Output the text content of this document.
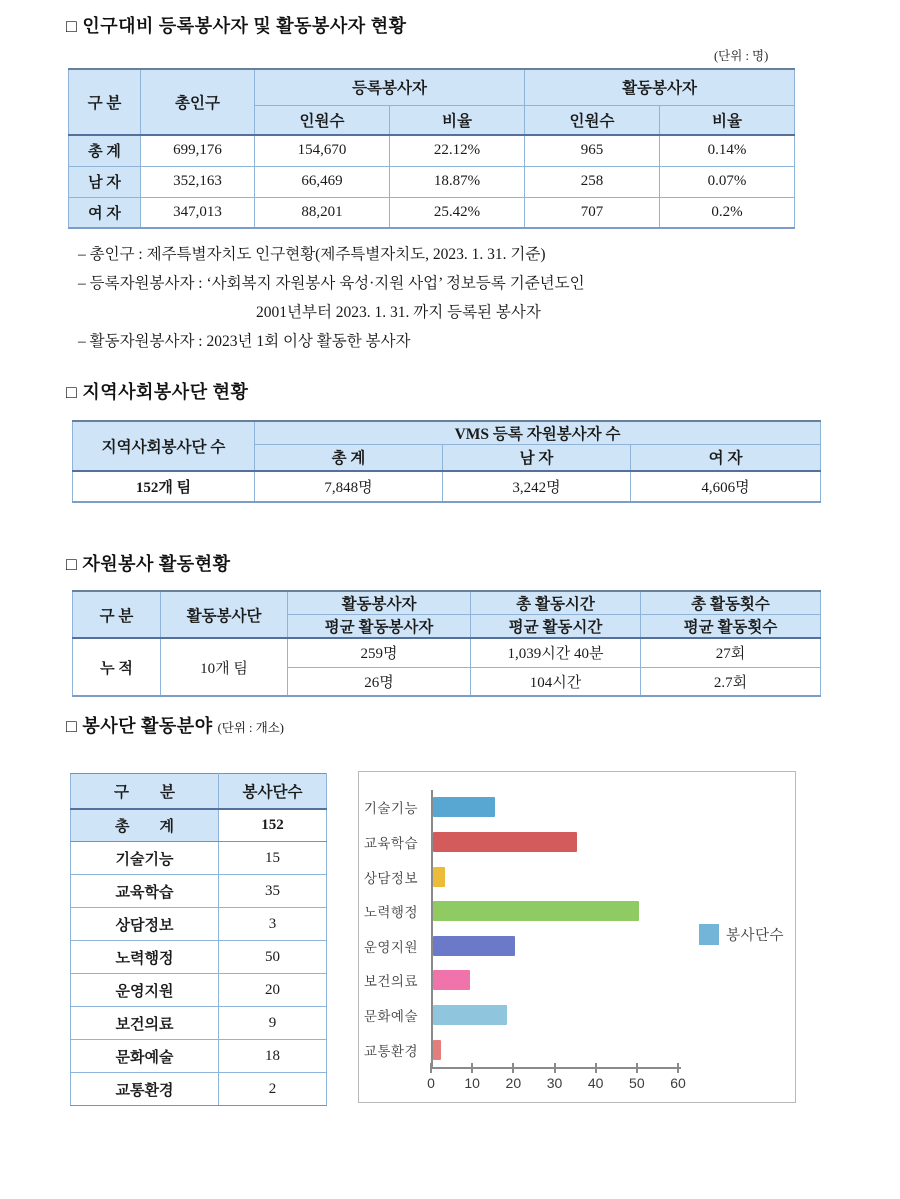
□ 인구대비 등록봉사자 및 활동봉사자 현황
(단위 : 명)
구 분	총인구	등록봉사자		활동봉사자	
		인원수	비율	인원수	비율
총 계	699,176	154,670	22.12%	965	0.14%
남 자	352,163	66,469	18.87%	258	0.07%
여 자	347,013	88,201	25.42%	707	0.2%
– 총인구 : 제주특별자치도 인구현황(제주특별자치도, 2023. 1. 31. 기준)
– 등록자원봉사자 : ‘사회복지 자원봉사 육성·지원 사업’ 정보등록 기준년도인
2001년부터 2023. 1. 31. 까지 등록된 봉사자
– 활동자원봉사자 : 2023년 1회 이상 활동한 봉사자
□ 지역사회봉사단 현황
지역사회봉사단 수	VMS 등록 자원봉사자 수		
	총 계	남 자	여 자
152개 팀	7,848명	3,242명	4,606명
□ 자원봉사 활동현황
구 분	활동봉사단	활동봉사자	총 활동시간	총 활동횟수
		평균 활동봉사자	평균 활동시간	평균 활동횟수
누 적	10개 팀	259명	1,039시간 40분	27회
		26명	104시간	2.7회
□ 봉사단 활동분야 (단위 : 개소)
구　　분	봉사단수
총　　계	152
기술기능	15
교육학습	35
상담정보	3
노력행정	50
운영지원	20
보건의료	9
문화예술	18
교통환경	2
기술기능
교육학습
상담정보
노력행정
운영지원
보건의료
문화예술
교통환경
0	10	20	30	40	50	60
봉사단수
